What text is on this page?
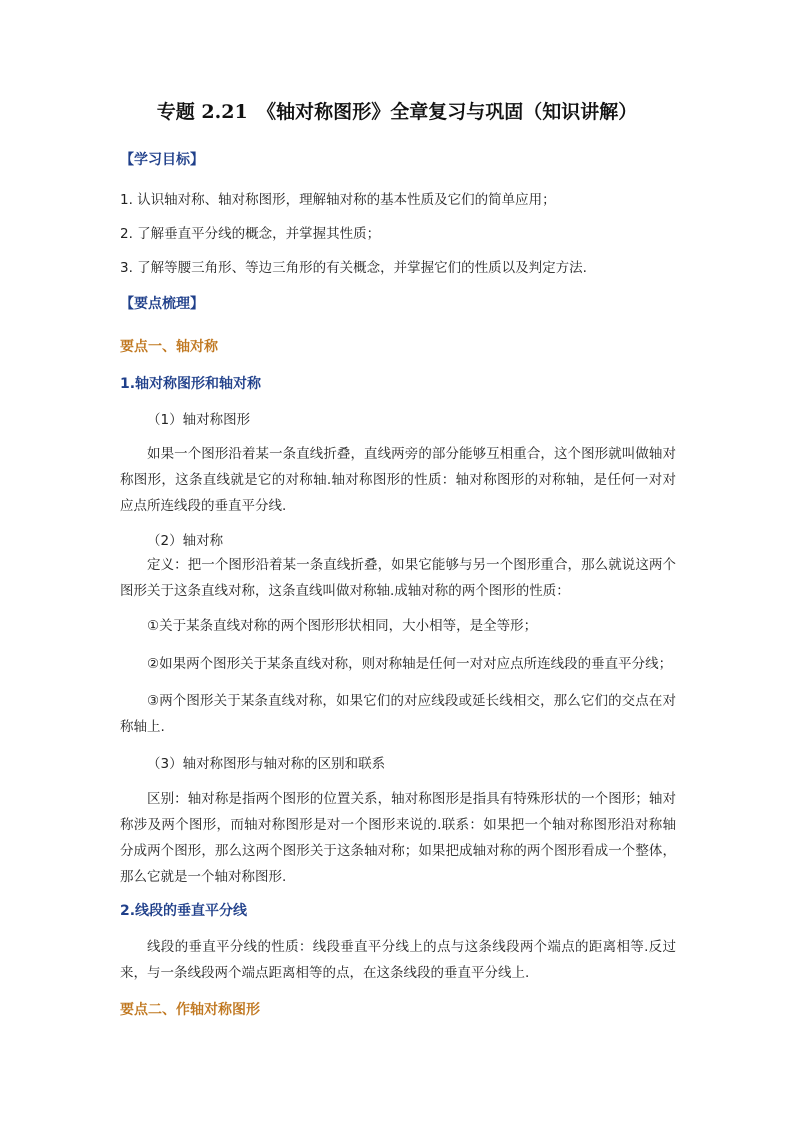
专题 2.21　《轴对称图形》全章复习与巩固（知识讲解）
【学习目标】
1. 认识轴对称、轴对称图形，理解轴对称的基本性质及它们的简单应用；
2. 了解垂直平分线的概念，并掌握其性质；
3. 了解等腰三角形、等边三角形的有关概念，并掌握它们的性质以及判定方法.
【要点梳理】
要点一、轴对称
1.轴对称图形和轴对称
（1）轴对称图形
如果一个图形沿着某一条直线折叠，直线两旁的部分能够互相重合，这个图形就叫做轴对称图形，这条直线就是它的对称轴.轴对称图形的性质：轴对称图形的对称轴，是任何一对对应点所连线段的垂直平分线.
（2）轴对称
定义：把一个图形沿着某一条直线折叠，如果它能够与另一个图形重合，那么就说这两个图形关于这条直线对称，这条直线叫做对称轴.成轴对称的两个图形的性质：
①关于某条直线对称的两个图形形状相同，大小相等，是全等形；
②如果两个图形关于某条直线对称，则对称轴是任何一对对应点所连线段的垂直平分线；
③两个图形关于某条直线对称，如果它们的对应线段或延长线相交，那么它们的交点在对称轴上.
（3）轴对称图形与轴对称的区别和联系
区别：轴对称是指两个图形的位置关系，轴对称图形是指具有特殊形状的一个图形；轴对称涉及两个图形，而轴对称图形是对一个图形来说的.联系：如果把一个轴对称图形沿对称轴分成两个图形，那么这两个图形关于这条轴对称；如果把成轴对称的两个图形看成一个整体，那么它就是一个轴对称图形.
2.线段的垂直平分线
线段的垂直平分线的性质：线段垂直平分线上的点与这条线段两个端点的距离相等.反过来，与一条线段两个端点距离相等的点，在这条线段的垂直平分线上.
要点二、作轴对称图形
